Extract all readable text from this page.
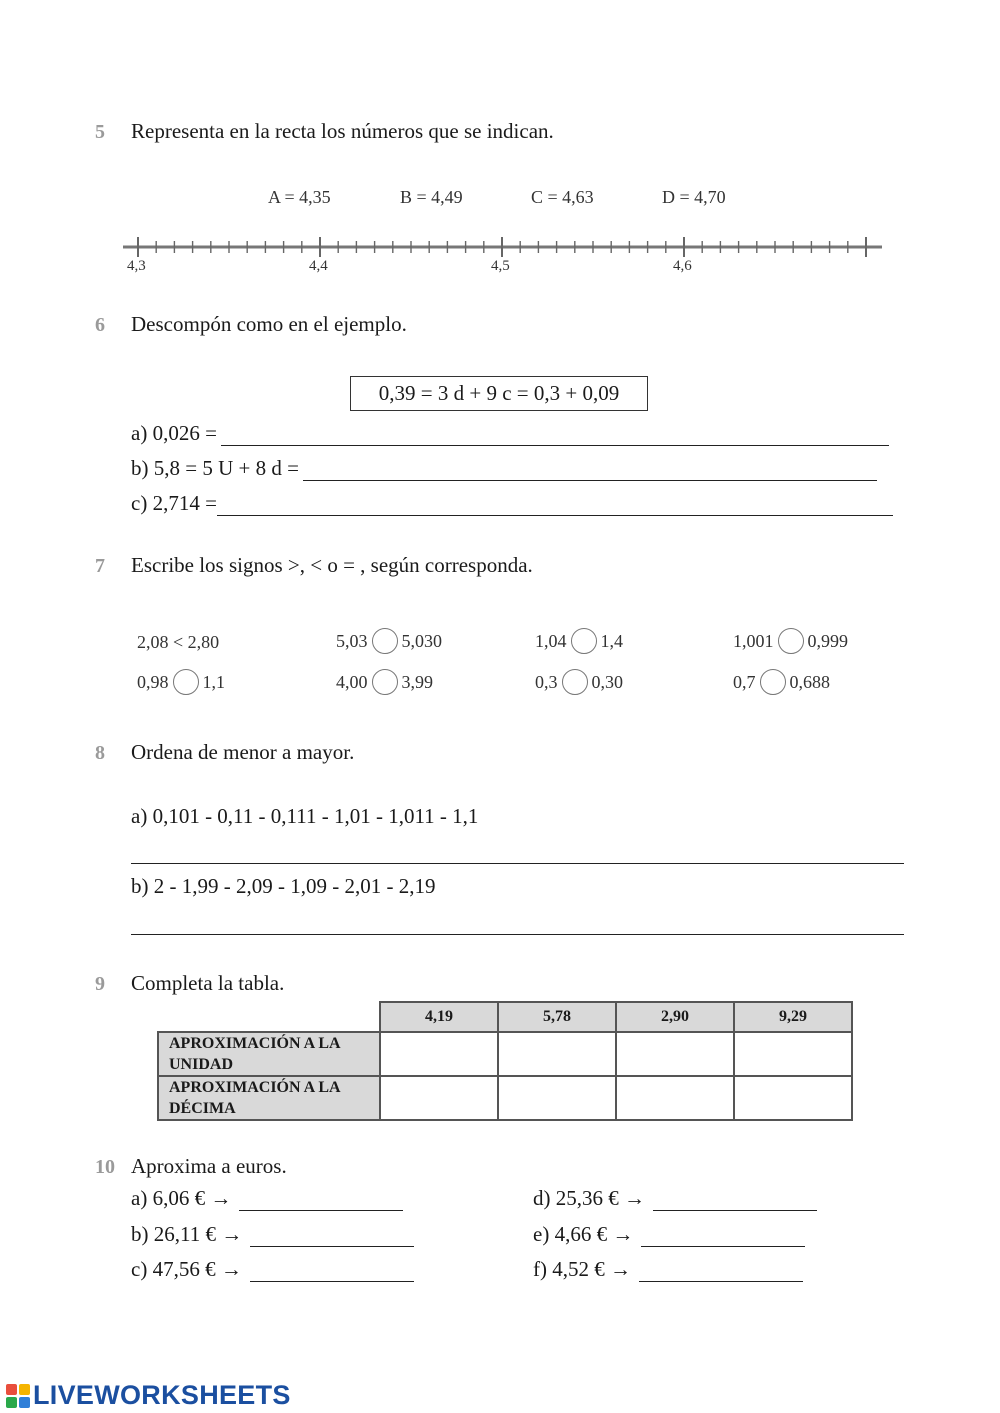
5 Representa en la recta los números que se indican.
A = 4,35	B = 4,49	C = 4,63	D = 4,70
4,3	4,4	4,5	4,6
6 Descompón como en el ejemplo.
0,39 = 3 d + 9 c = 0,3 + 0,09
a) 0,026 =
b) 5,8 = 5 U + 8 d =
c) 2,714 =
7 Escribe los signos >, < o = , según corresponda.
2,08 < 2,80	5,03 5,030	1,04 1,4	1,001 0,999
0,98 1,1	4,00 3,99	0,3 0,30	0,7 0,688
8 Ordena de menor a mayor.
a) 0,101 - 0,11 - 0,111 - 1,01 - 1,011 - 1,1
b) 2 - 1,99 - 2,09 - 1,09 - 2,01 - 2,19
9 Completa la tabla.
	4,19	5,78	2,90	9,29
APROXIMACIÓN A LA UNIDAD				
APROXIMACIÓN A LA DÉCIMA				
10 Aproxima a euros.
a) 6,06 € →
b) 26,11 € →
c) 47,56 € →
d) 25,36 € →
e) 4,66 € →
f) 4,52 € →
LIVEWORKSHEETS
